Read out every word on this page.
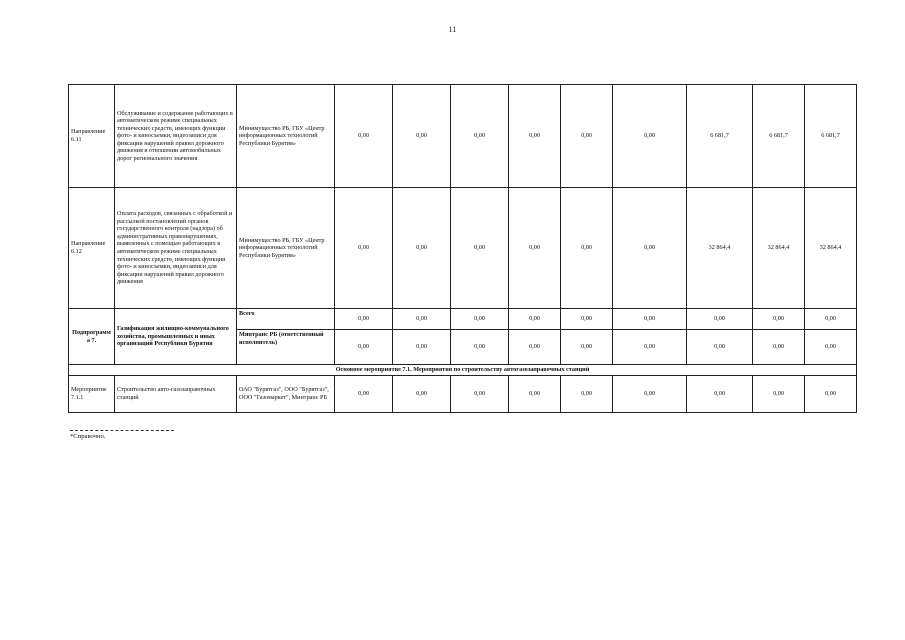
11
Направление 6.11	Обслуживание и содержание работающих в автоматическом режиме специальных технических средств, имеющих функции фото- и киносъемки, видеозаписи для фиксации нарушений правил дорожного движения в отношении автомобильных дорог регионального значения	Минимущество РБ, ГБУ «Центр информационных технологий Республики Бурятия»	0,00	0,00	0,00	0,00	0,00	0,00	6 681,7	6 681,7	6 681,7
Направление 6.12	Оплата расходов, связанных с обработкой и рассылкой постановлений органов государственного контроля (надзора) об административных правонарушениях, выявленных с помощью работающих в автоматическом режиме специальных технических средств, имеющих функции фото- и киносъемки, видеозаписи для фиксации нарушений правил дорожного движения	Минимущество РБ, ГБУ «Центр информационных технологий Республики Бурятия»	0,00	0,00	0,00	0,00	0,00	0,00	32 864,4	32 864,4	32 864,4
Подпрограмма 7.	Газификация жилищно-коммунального хозяйства, промышленных и иных организаций Республики Бурятия	Всего	0,00	0,00	0,00	0,00	0,00	0,00	0,00	0,00	0,00
		Минтранс РБ (ответственный исполнитель)	0,00	0,00	0,00	0,00	0,00	0,00	0,00	0,00	0,00
Основное мероприятие 7.1. Мероприятия по строительству автогазозаправочных станций											
Мероприятие 7.1.1	Строительство авто-газозаправочных станций	ОАО "Бурятгаз", ООО "Бурятгаз", ООО "Газомаркет", Минтранс РБ	0,00	0,00	0,00	0,00	0,00	0,00	0,00	0,00	0,00
*Справочно.
